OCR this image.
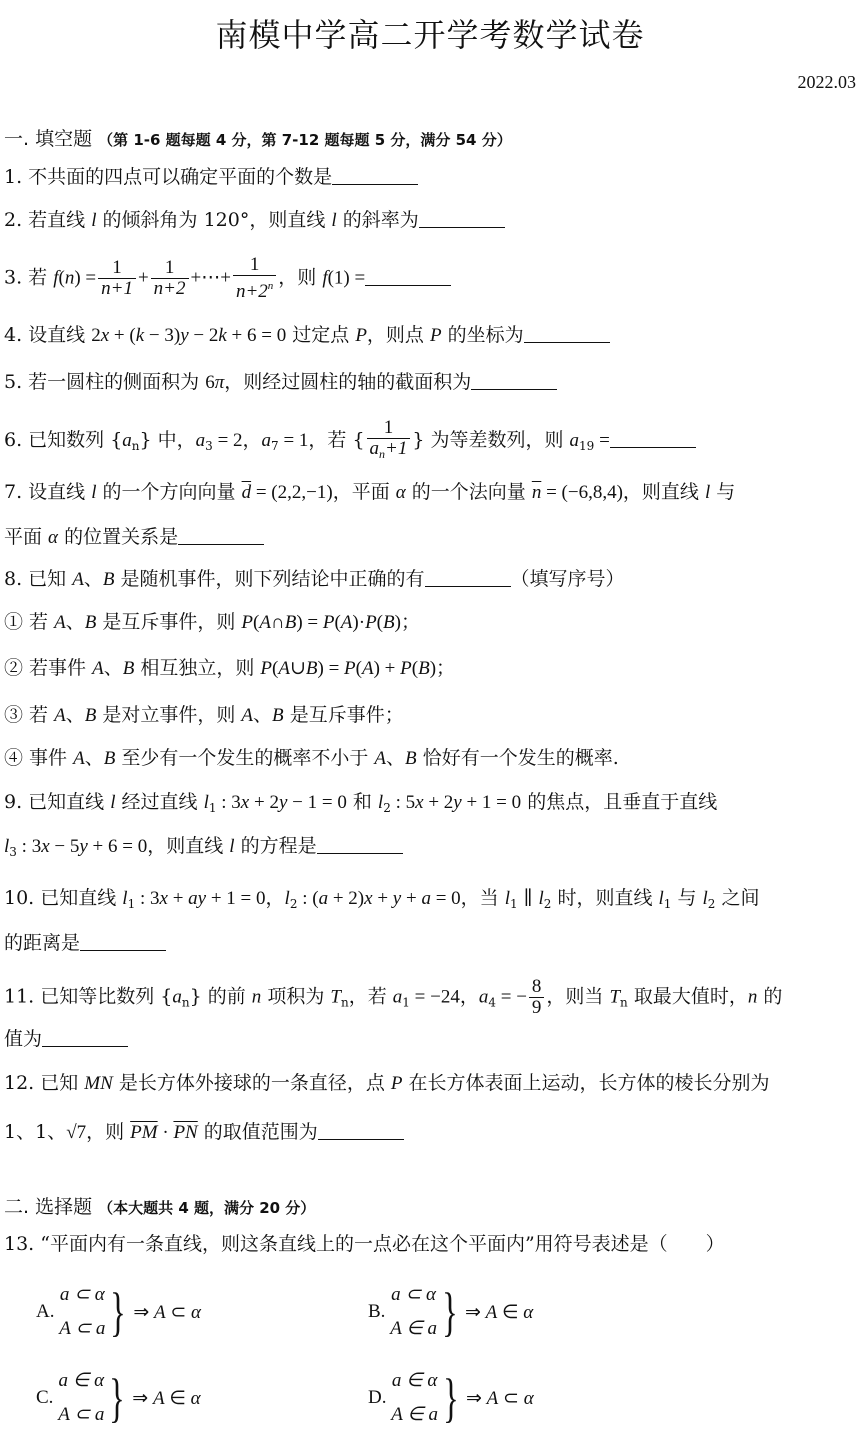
南模中学高二开学考数学试卷
2022.03
一. 填空题 （第 1-6 题每题 4 分，第 7-12 题每题 5 分，满分 54 分）
1. 不共面的四点可以确定平面的个数是
2. 若直线 l 的倾斜角为 120°，则直线 l 的斜率为
3. 若 $f(n) = \frac{1}{n+1} + \frac{1}{n+2}$ +⋯+ $\frac{1}{n+2^n}$ ，则 f(1) =
4. 设直线 2x + (k − 3)y − 2k + 6 = 0 过定点 P，则点 P 的坐标为
5. 若一圆柱的侧面积为 6π，则经过圆柱的轴的截面积为
6. 已知数列 $\{a_n\}$ 中，$a_3 = 2$，$a_7 = 1$，若 { $\frac{1}{a_n+1}$ } 为等差数列，则 $a_{19}$ =
7. 设直线 l 的一个方向向量 $\overline{d} = (2,2,-1)$，平面 α 的一个法向量 $\overline{n} = (-6,8,4)$，则直线 l 与
平面 α 的位置关系是
8. 已知 A、B 是随机事件，则下列结论中正确的有	（填写序号）
① 若 A、B 是互斥事件，则 P(A∩B) = P(A)·P(B)；
② 若事件 A、B 相互独立，则 P(A∪B) = P(A) + P(B)；
③ 若 A、B 是对立事件，则 A、B 是互斥事件；
④ 事件 A、B 至少有一个发生的概率不小于 A、B 恰好有一个发生的概率.
9. 已知直线 l 经过直线 $l_1$ : 3x + 2y − 1 = 0 和 $l_2$ : 5x + 2y + 1 = 0 的焦点，且垂直于直线
$l_3$ : 3x − 5y + 6 = 0，则直线 l 的方程是
10. 已知直线 $l_1$ : 3x + ay + 1 = 0，$l_2$ : (a + 2)x + y + a = 0，当 $l_1$ ∥ $l_2$ 时，则直线 $l_1$ 与 $l_2$ 之间
的距离是
11. 已知等比数列 $\{a_n\}$ 的前 n 项积为 $T_n$，若 $a_1 = -24$，$a_4$ = − $\frac{8}{9}$ ，则当 $T_n$ 取最大值时，n 的
值为
12. 已知 MN 是长方体外接球的一条直径，点 P 在长方体表面上运动，长方体的棱长分别为
1、1、√7，则 $\overline{PM} \cdot \overline{PN}$ 的取值范围为
二. 选择题 （本大题共 4 题，满分 20 分）
13. “平面内有一条直线，则这条直线上的一点必在这个平面内”用符号表述是（　　）
A.

a ⊂ α
A ⊂ a } ⇒ A ⊂ α	B.

a ⊂ α
A ∈ a } ⇒ A ∈ α
C.

a ∈ α
A ⊂ a } ⇒ A ∈ α	D.

a ∈ α
A ∈ a } ⇒ A ⊂ α
